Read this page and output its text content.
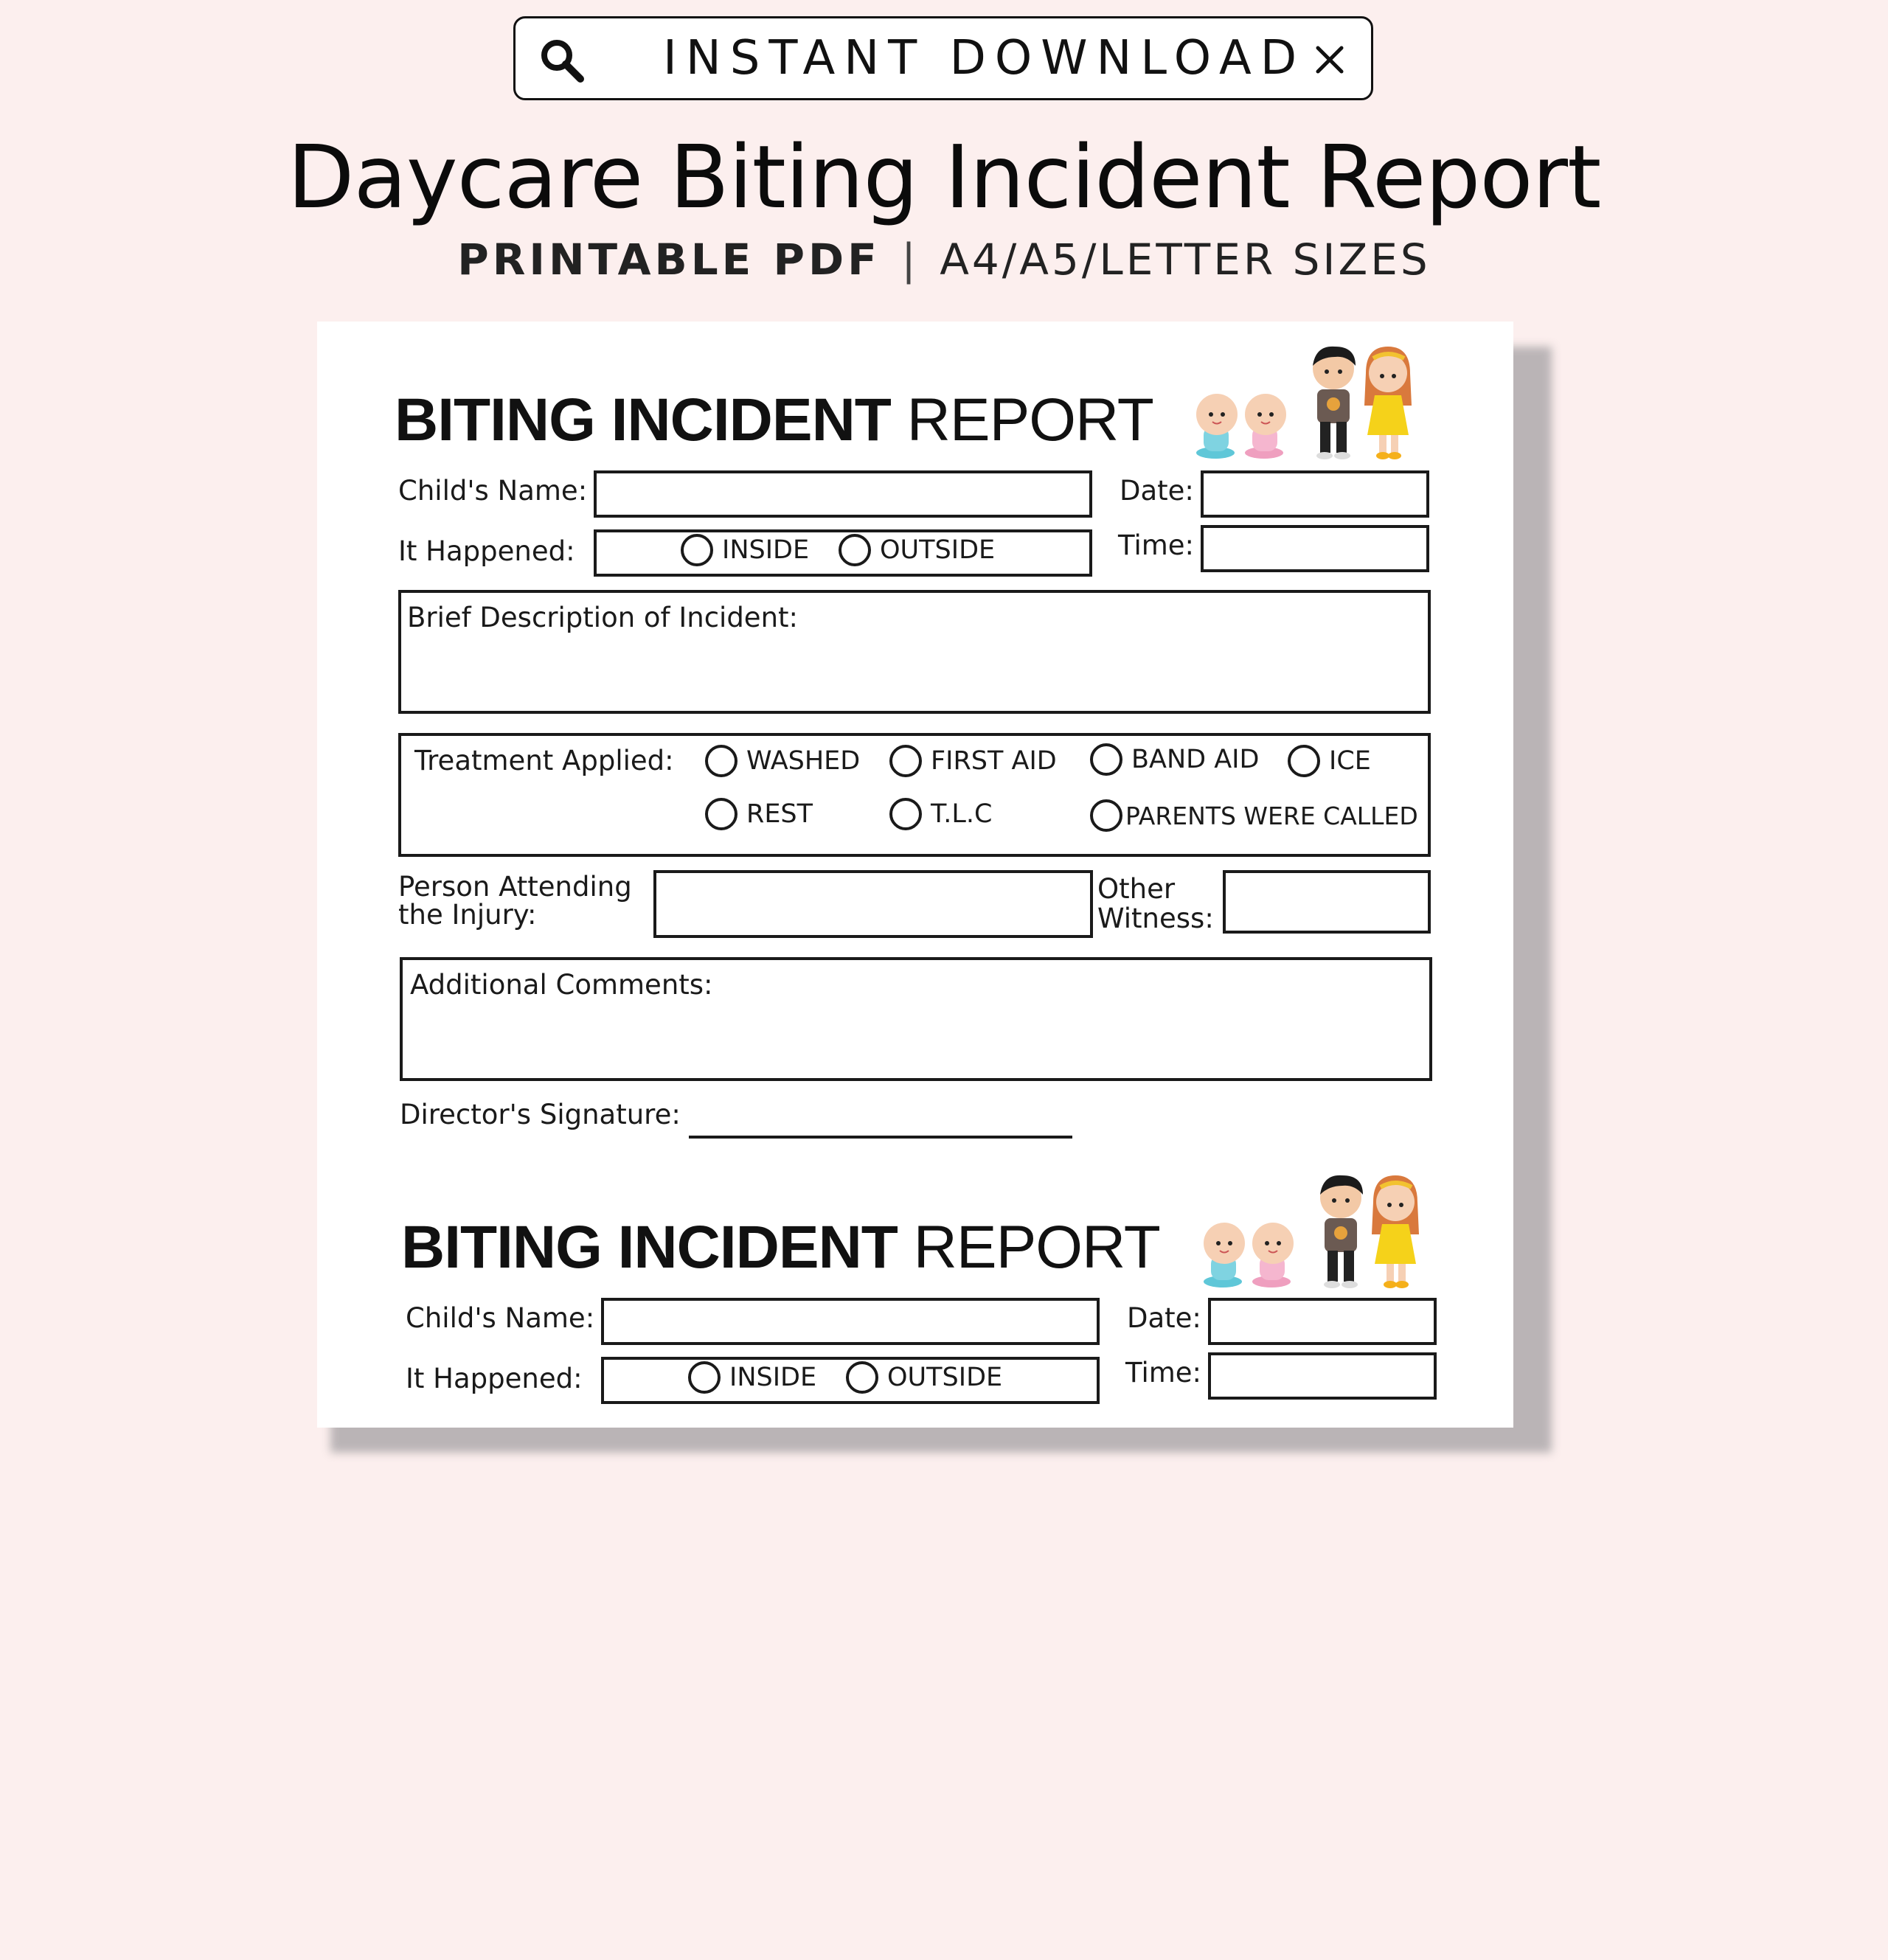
INSTANT DOWNLOAD
Daycare Biting Incident Report
PRINTABLE PDF | A4/A5/LETTER SIZES
BITING INCIDENT REPORT
Child's Name:	Date:
It Happened:	INSIDE	OUTSIDE	Time:
Brief Description of Incident:
Treatment Applied:	WASHED	FIRST AID	BAND AID	ICE
REST	T.L.C	PARENTS WERE CALLED
Person Attending
the Injury:
Other
Witness:
Additional Comments:
Director's Signature:
BITING INCIDENT REPORT
Child's Name:	Date:
It Happened:	INSIDE	OUTSIDE	Time:
